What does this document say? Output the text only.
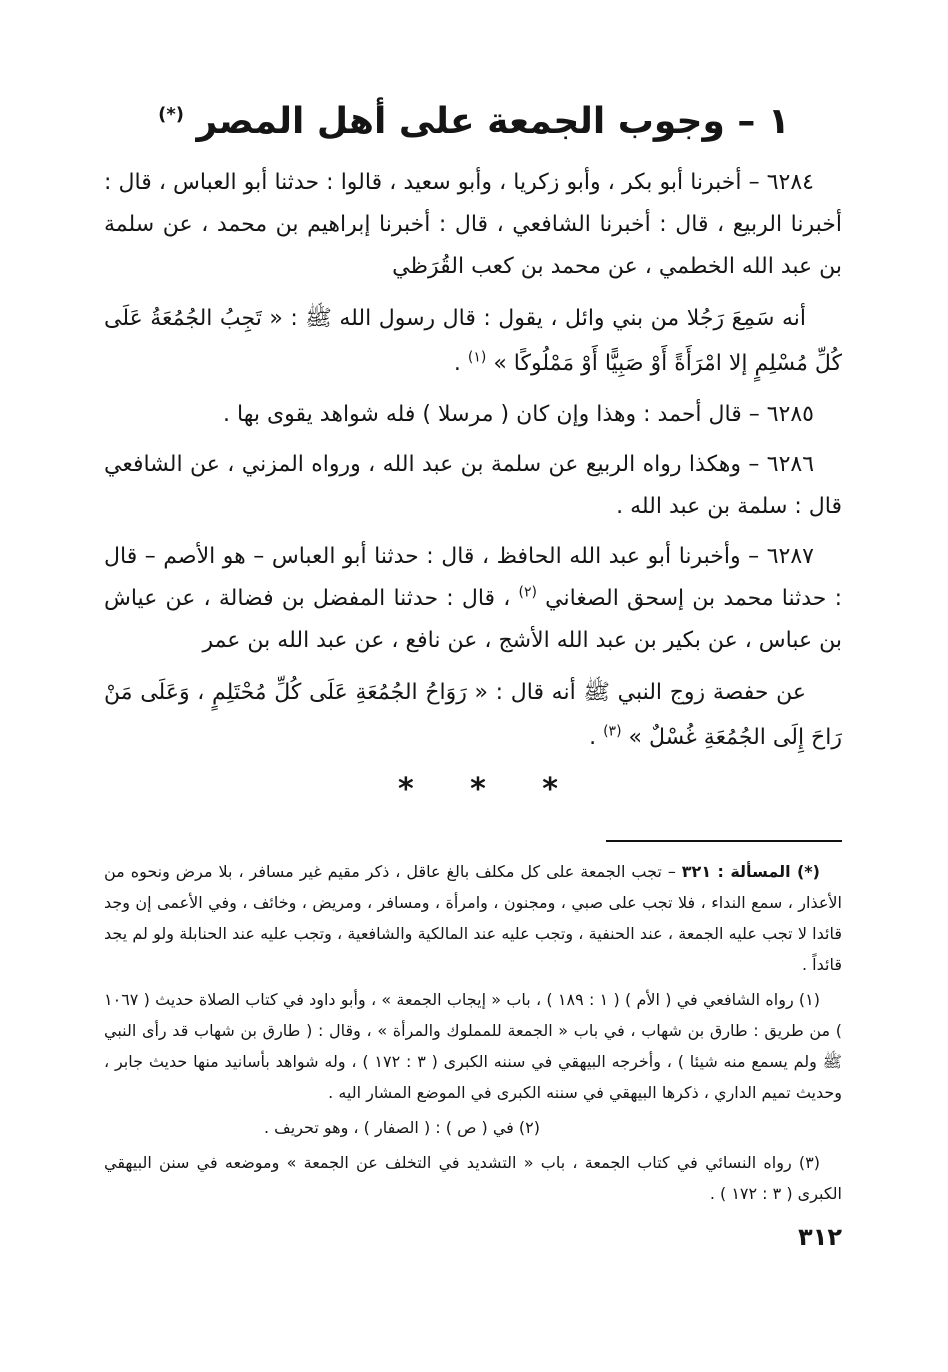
١ – وجوب الجمعة على أهل المصر (*)

٦٢٨٤ – أخبرنا أبو بكر ، وأبو زكريا ، وأبو سعيد ، قالوا : حدثنا أبو العباس ، قال : أخبرنا الربيع ، قال : أخبرنا الشافعي ، قال : أخبرنا إبراهيم بن محمد ، عن سلمة بن عبد الله الخطمي ، عن محمد بن كعب القُرَظي

أنه سَمِعَ رَجُلا من بني وائل ، يقول : قال رسول الله ﷺ : « تَجِبُ الجُمُعَةُ عَلَى كُلِّ مُسْلِمٍ إلا امْرَأَةً أَوْ صَبِيًّا أَوْ مَمْلُوكًا » $^{(١)}$ .

٦٢٨٥ – قال أحمد : وهذا وإن كان ( مرسلا ) فله شواهد يقوى بها .

٦٢٨٦ – وهكذا رواه الربيع عن سلمة بن عبد الله ، ورواه المزني ، عن الشافعي قال : سلمة بن عبد الله .

٦٢٨٧ – وأخبرنا أبو عبد الله الحافظ ، قال : حدثنا أبو العباس – هو الأصم – قال : حدثنا محمد بن إسحق الصغاني $^{(٢)}$ ، قال : حدثنا المفضل بن فضالة ، عن عياش بن عباس ، عن بكير بن عبد الله الأشج ، عن نافع ، عن عبد الله بن عمر

عن حفصة زوج النبي ﷺ أنه قال : « رَوَاحُ الجُمُعَةِ عَلَى كُلِّ مُحْتَلِمٍ ، وَعَلَى مَنْ رَاحَ إِلَى الجُمُعَةِ غُسْلٌ » $^{(٣)}$ .

* * *

(*) المسألة : ٣٢١ – تجب الجمعة على كل مكلف بالغ عاقل ، ذكر مقيم غير مسافر ، بلا مرض ونحوه من الأعذار ، سمع النداء ، فلا تجب على صبي ، ومجنون ، وامرأة ، ومسافر ، ومريض ، وخائف ، وفي الأعمى إن وجد قائدا لا تجب عليه الجمعة ، عند الحنفية ، وتجب عليه عند المالكية والشافعية ، وتجب عليه عند الحنابلة ولو لم يجد قائداً .

(١) رواه الشافعي في ( الأم ) ( ١ : ١٨٩ ) ، باب « إيجاب الجمعة » ، وأبو داود في كتاب الصلاة حديث ( ١٠٦٧ ) من طريق : طارق بن شهاب ، في باب « الجمعة للمملوك والمرأة » ، وقال : ( طارق بن شهاب قد رأى النبي ﷺ ولم يسمع منه شيئا ) ، وأخرجه البيهقي في سننه الكبرى ( ٣ : ١٧٢ ) ، وله شواهد بأسانيد منها حديث جابر ، وحديث تميم الداري ، ذكرها البيهقي في سننه الكبرى في الموضع المشار اليه .

(٢) في ( ص ) : ( الصفار ) ، وهو تحريف .

(٣) رواه النسائي في كتاب الجمعة ، باب « التشديد في التخلف عن الجمعة » وموضعه في سنن البيهقي الكبرى ( ٣ : ١٧٢ ) .

٣١٢
